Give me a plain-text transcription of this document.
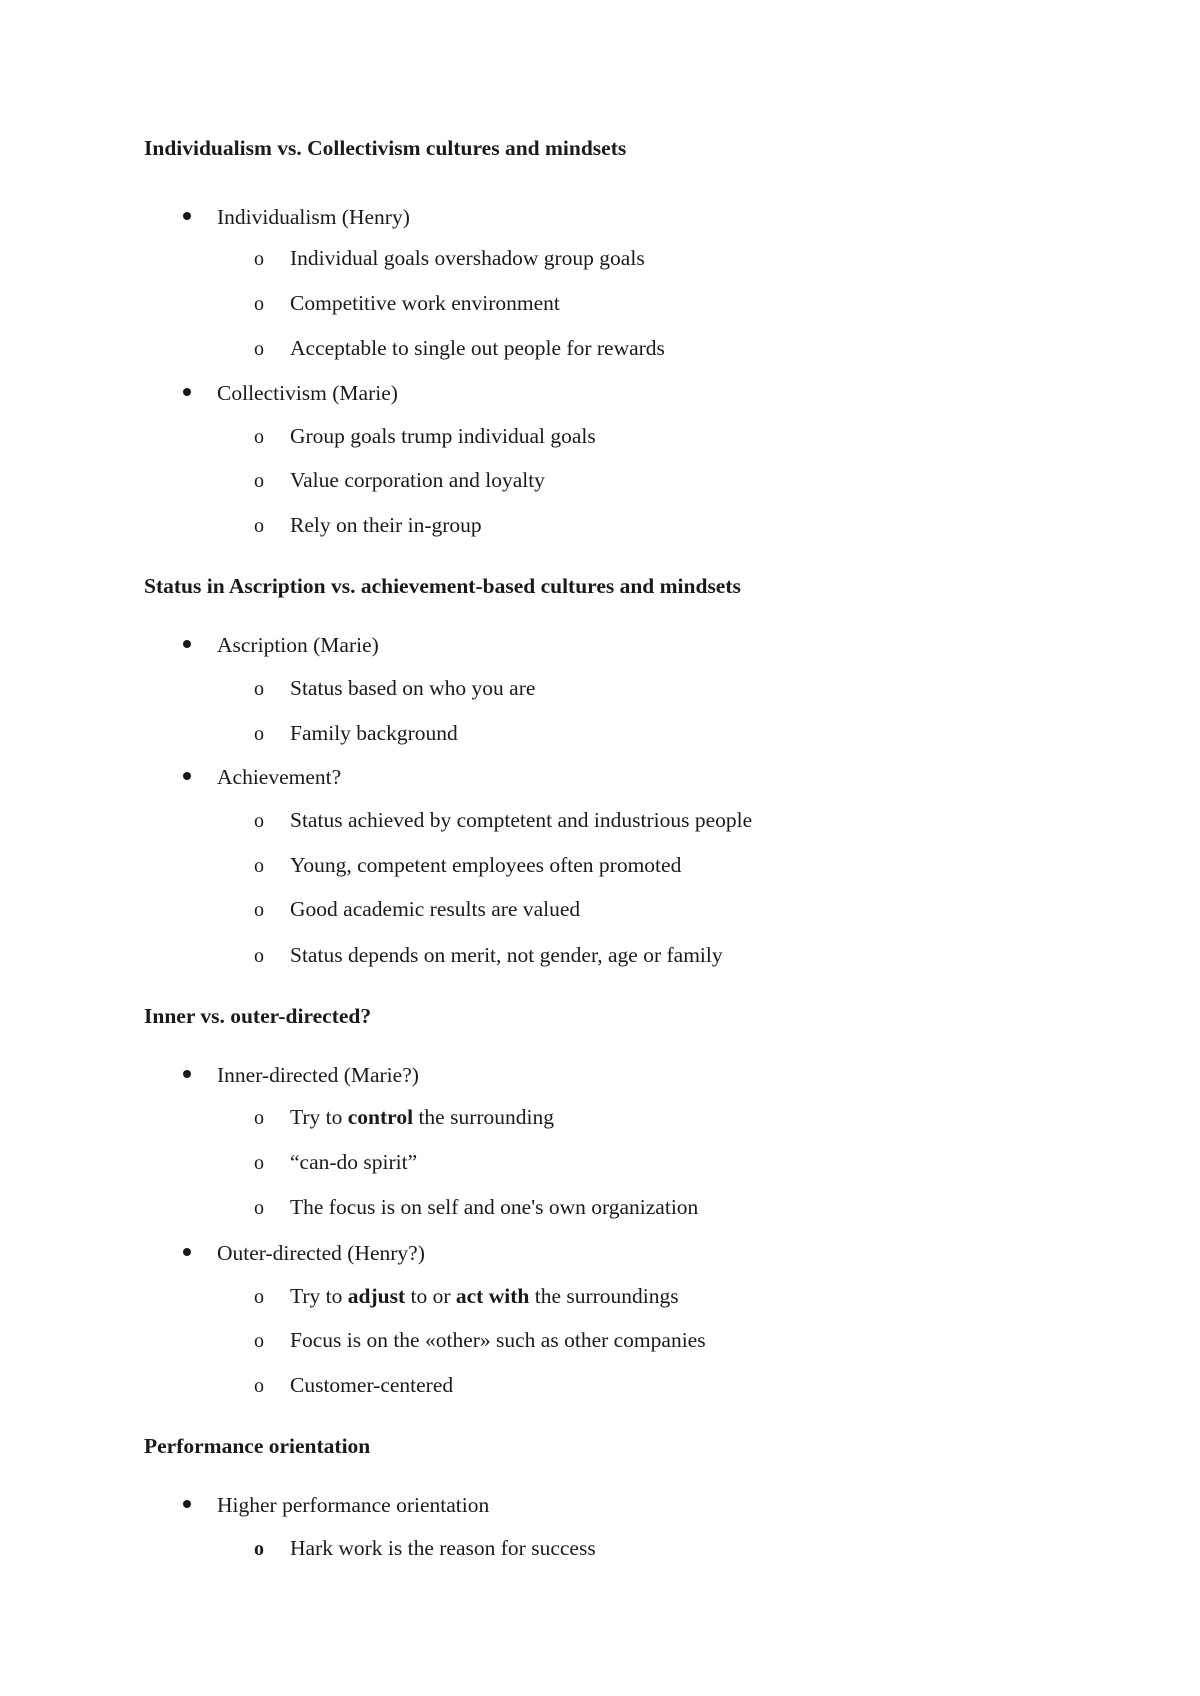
Individualism vs. Collectivism cultures and mindsets
Individualism (Henry)
o Individual goals overshadow group goals
o Competitive work environment
o Acceptable to single out people for rewards
Collectivism (Marie)
o Group goals trump individual goals
o Value corporation and loyalty
o Rely on their in-group
Status in Ascription vs. achievement-based cultures and mindsets
Ascription (Marie)
o Status based on who you are
o Family background
Achievement?
o Status achieved by comptetent and industrious people
o Young, competent employees often promoted
o Good academic results are valued
o Status depends on merit, not gender, age or family
Inner vs. outer-directed?
Inner-directed (Marie?)
o Try to control the surrounding
o “can-do spirit”
o The focus is on self and one's own organization
Outer-directed (Henry?)
o Try to adjust to or act with the surroundings
o Focus is on the «other» such as other companies
o Customer-centered
Performance orientation
Higher performance orientation
o Hark work is the reason for success
